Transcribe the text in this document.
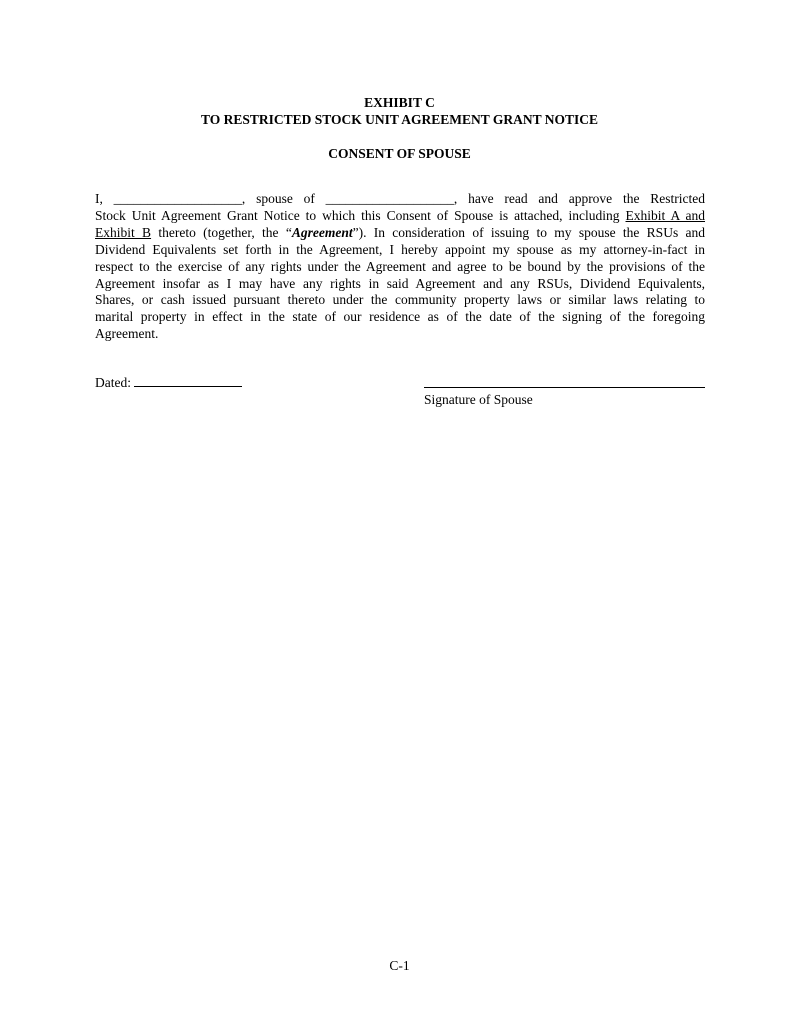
EXHIBIT C
TO RESTRICTED STOCK UNIT AGREEMENT GRANT NOTICE
CONSENT OF SPOUSE
I, ___________________, spouse of ___________________, have read and approve the Restricted
Stock Unit Agreement Grant Notice to which this Consent of Spouse is attached, including Exhibit A and
Exhibit B thereto (together, the “Agreement”). In consideration of issuing to my spouse the RSUs and
Dividend Equivalents set forth in the Agreement, I hereby appoint my spouse as my attorney-in-fact in
respect to the exercise of any rights under the Agreement and agree to be bound by the provisions of the
Agreement insofar as I may have any rights in said Agreement and any RSUs, Dividend Equivalents,
Shares, or cash issued pursuant thereto under the community property laws or similar laws relating to
marital property in effect in the state of our residence as of the date of the signing of the foregoing
Agreement.
Dated:
Signature of Spouse
C-1
